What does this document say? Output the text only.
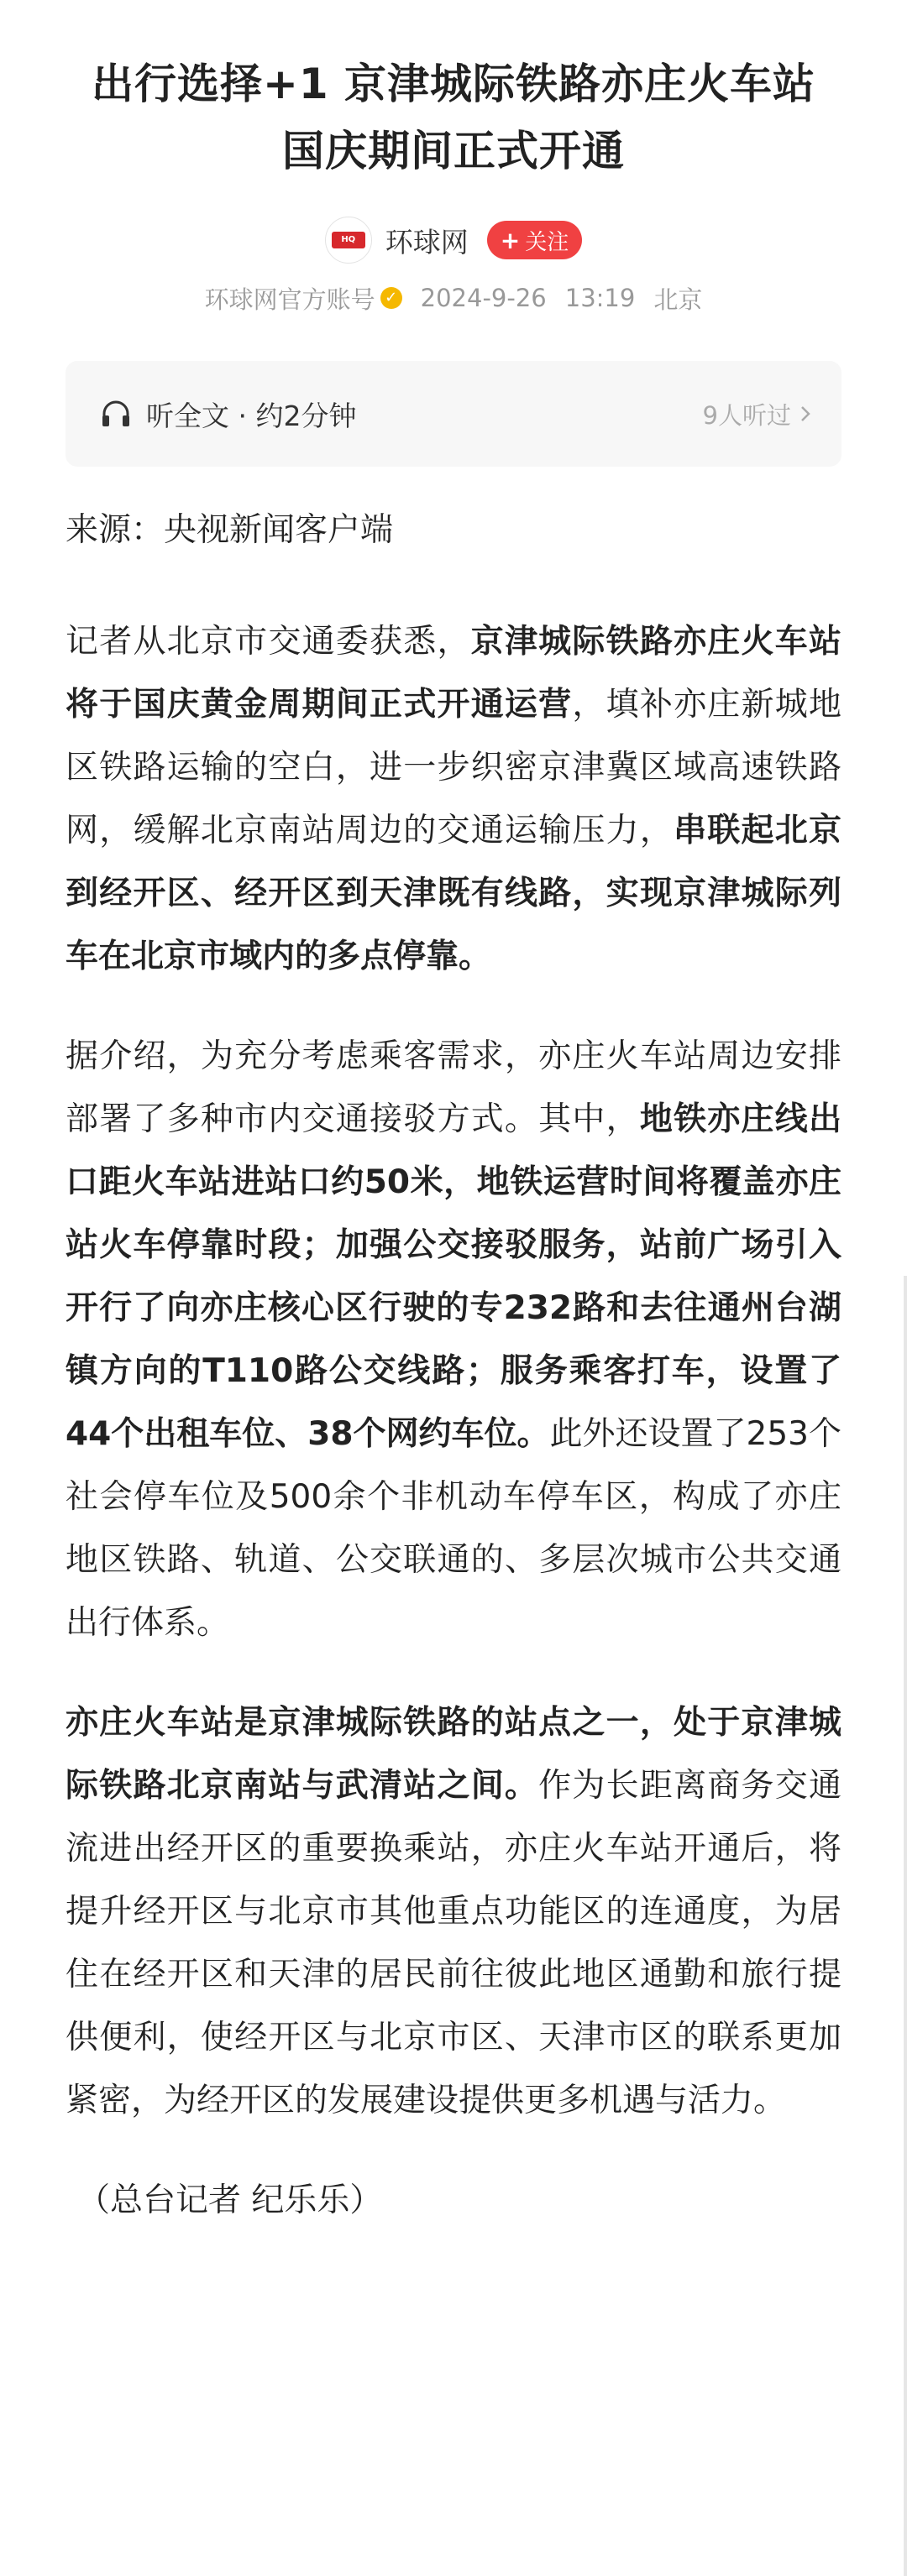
出行选择+1 京津城际铁路亦庄火车站
国庆期间正式开通
HQ	环球网 + 关注
环球网官方账号 ✓ 2024-9-26 13:19 北京
听全文 · 约2分钟	9人听过

来源：央视新闻客户端

记者从北京市交通委获悉，京津城际铁路亦庄火车站将于国庆黄金周期间正式开通运营，填补亦庄新城地区铁路运输的空白，进一步织密京津冀区域高速铁路网，缓解北京南站周边的交通运输压力，串联起北京到经开区、经开区到天津既有线路，实现京津城际列车在北京市域内的多点停靠。

据介绍，为充分考虑乘客需求，亦庄火车站周边安排部署了多种市内交通接驳方式。其中，地铁亦庄线出口距火车站进站口约50米，地铁运营时间将覆盖亦庄站火车停靠时段；加强公交接驳服务，站前广场引入开行了向亦庄核心区行驶的专232路和去往通州台湖镇方向的T110路公交线路；服务乘客打车，设置了44个出租车位、38个网约车位。此外还设置了253个社会停车位及500余个非机动车停车区，构成了亦庄地区铁路、轨道、公交联通的、多层次城市公共交通出行体系。

亦庄火车站是京津城际铁路的站点之一，处于京津城际铁路北京南站与武清站之间。作为长距离商务交通流进出经开区的重要换乘站，亦庄火车站开通后，将提升经开区与北京市其他重点功能区的连通度，为居住在经开区和天津的居民前往彼此地区通勤和旅行提供便利，使经开区与北京市区、天津市区的联系更加紧密，为经开区的发展建设提供更多机遇与活力。

（总台记者 纪乐乐）
